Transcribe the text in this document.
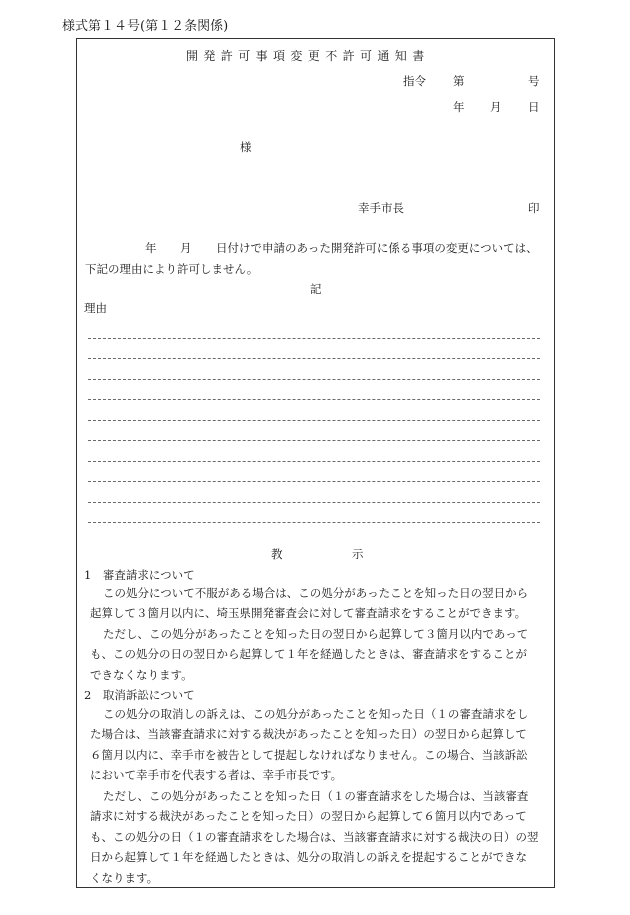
様式第１４号(第１２条関係)
開発許可事項変更不許可通知書
指令 第	号
年 月 日
様
幸手市長	印
年 月 日付けで申請のあった開発許可に係る事項の変更については、
下記の理由により許可しません。
記
理由
教	示
1　審査請求について
この処分について不服がある場合は、この処分があったことを知った日の翌日から
起算して３箇月以内に、埼玉県開発審査会に対して審査請求をすることができます。
ただし、この処分があったことを知った日の翌日から起算して３箇月以内であって
も、この処分の日の翌日から起算して１年を経過したときは、審査請求をすることが
できなくなります。
2　取消訴訟について
この処分の取消しの訴えは、この処分があったことを知った日（１の審査請求をし
た場合は、当該審査請求に対する裁決があったことを知った日）の翌日から起算して
６箇月以内に、幸手市を被告として提起しなければなりません。この場合、当該訴訟
において幸手市を代表する者は、幸手市長です。
ただし、この処分があったことを知った日（１の審査請求をした場合は、当該審査
請求に対する裁決があったことを知った日）の翌日から起算して６箇月以内であって
も、この処分の日（１の審査請求をした場合は、当該審査請求に対する裁決の日）の翌
日から起算して１年を経過したときは、処分の取消しの訴えを提起することができな
くなります。
